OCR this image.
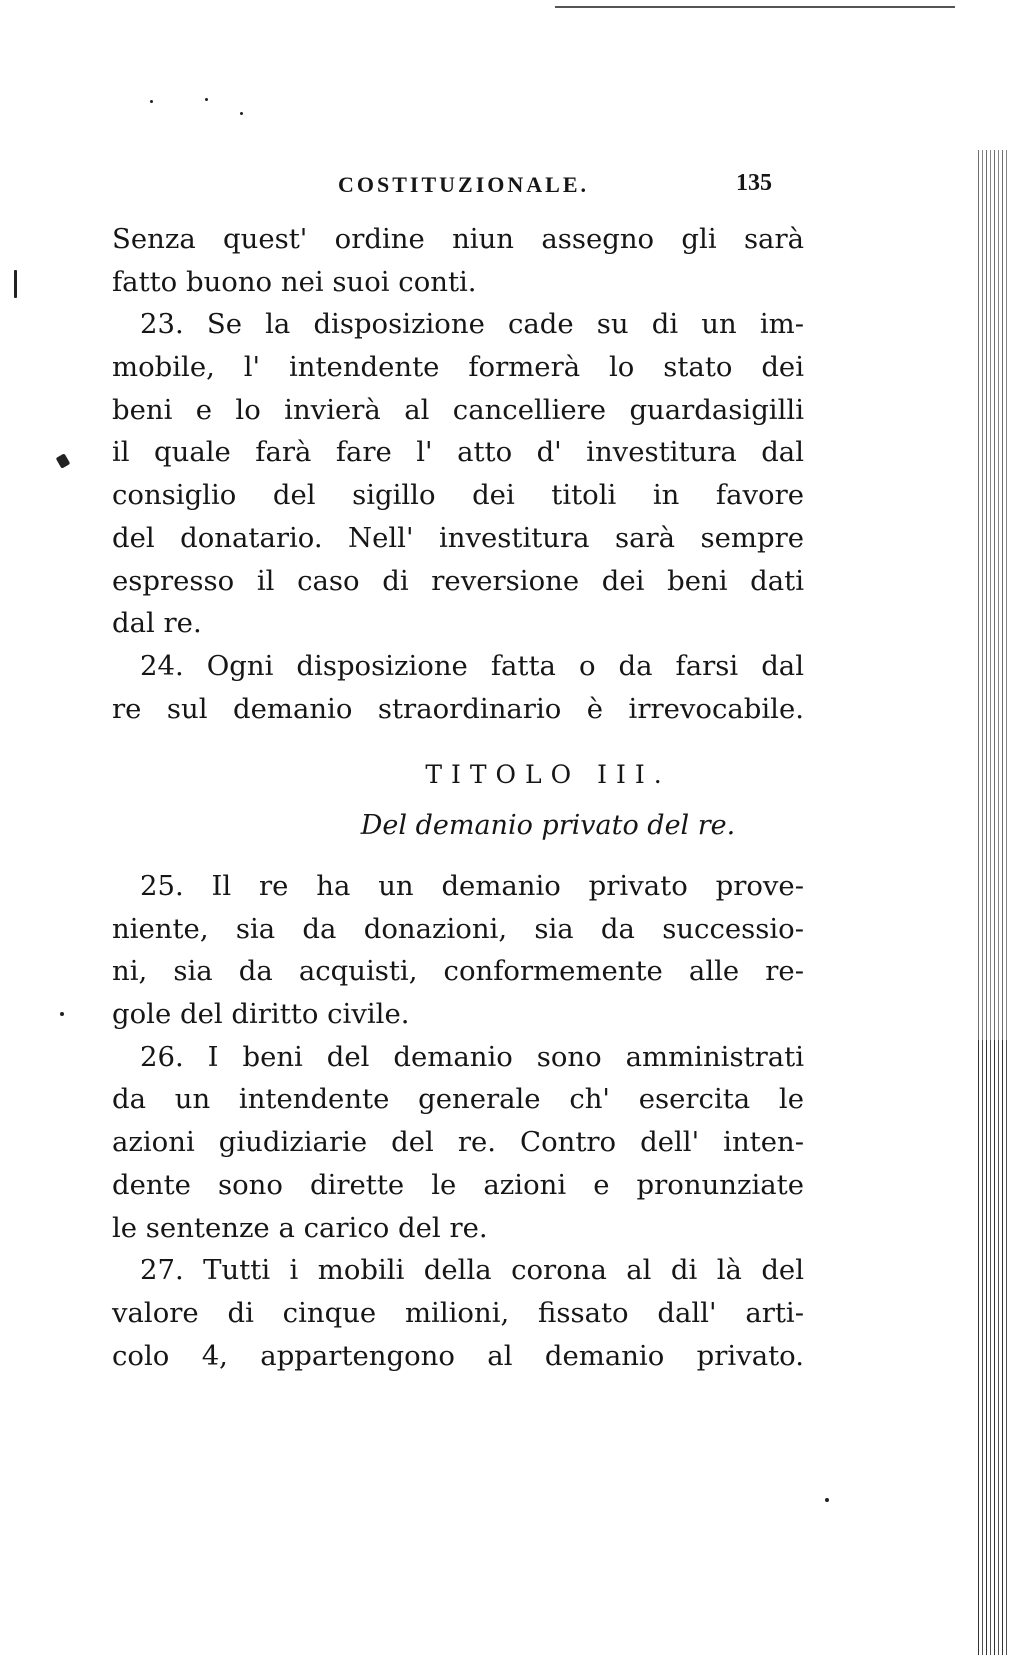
COSTITUZIONALE.	135
Senza quest' ordine niun assegno gli sarà
fatto buono nei suoi conti.
23. Se la disposizione cade su di un im-
mobile, l' intendente formerà lo stato dei
beni e lo invierà al cancelliere guardasigilli
il quale farà fare l' atto d' investitura dal
consiglio del sigillo dei titoli in favore
del donatario. Nell' investitura sarà sempre
espresso il caso di reversione dei beni dati
dal re.
24. Ogni disposizione fatta o da farsi dal
re sul demanio straordinario è irrevocabile.
TITOLO III.
Del demanio privato del re.
25. Il re ha un demanio privato prove-
niente, sia da donazioni, sia da successio-
ni, sia da acquisti, conformemente alle re-
gole del diritto civile.
26. I beni del demanio sono amministrati
da un intendente generale ch' esercita le
azioni giudiziarie del re. Contro dell' inten-
dente sono dirette le azioni e pronunziate
le sentenze a carico del re.
27. Tutti i mobili della corona al di là del
valore di cinque milioni, fissato dall' arti-
colo 4, appartengono al demanio privato.
